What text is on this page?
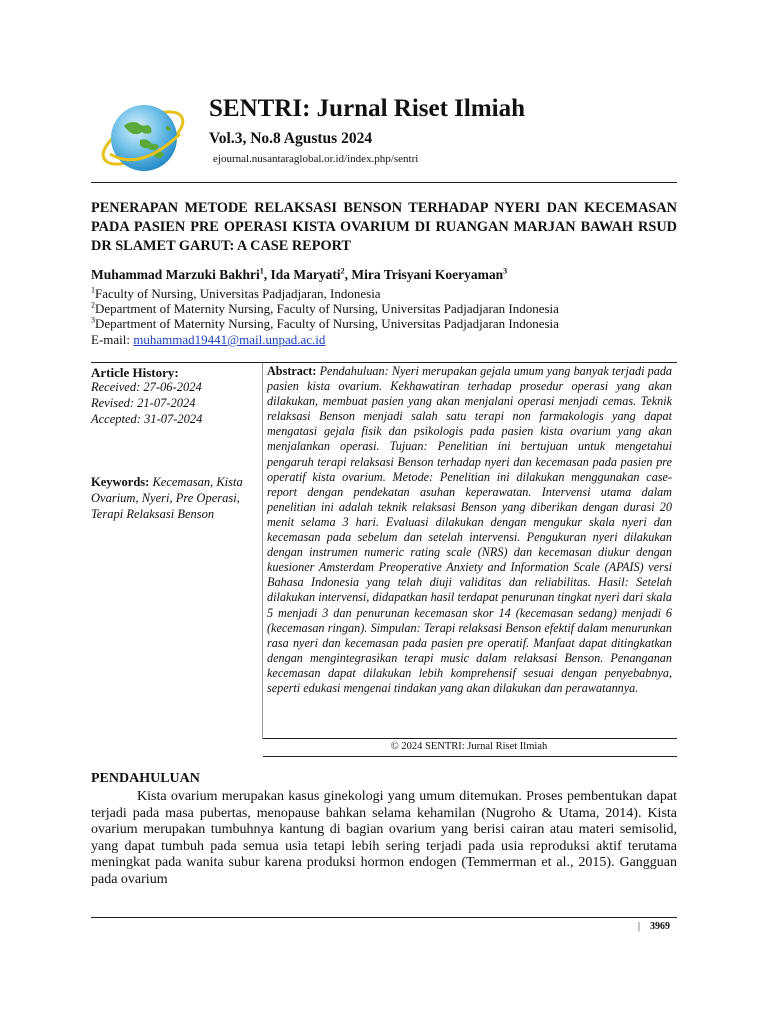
SENTRI: Jurnal Riset Ilmiah
Vol.3, No.8 Agustus 2024
ejournal.nusantaraglobal.or.id/index.php/sentri
PENERAPAN METODE RELAKSASI BENSON TERHADAP NYERI DAN KECEMASAN PADA PASIEN PRE OPERASI KISTA OVARIUM DI RUANGAN MARJAN BAWAH RSUD DR SLAMET GARUT: A CASE REPORT
Muhammad Marzuki Bakhri$^1$, Ida Maryati$^2$, Mira Trisyani Koeryaman$^3$
$^1$Faculty of Nursing, Universitas Padjadjaran, Indonesia
$^2$Department of Maternity Nursing, Faculty of Nursing, Universitas Padjadjaran Indonesia
$^3$Department of Maternity Nursing, Faculty of Nursing, Universitas Padjadjaran Indonesia
E-mail: muhammad19441@mail.unpad.ac.id
Article History:
Received: 27-06-2024
Revised: 21-07-2024
Accepted: 31-07-2024
Keywords: Kecemasan, Kista Ovarium, Nyeri, Pre Operasi, Terapi Relaksasi Benson
Abstract: Pendahuluan: Nyeri merupakan gejala umum yang banyak terjadi pada pasien kista ovarium. Kekhawatiran terhadap prosedur operasi yang akan dilakukan, membuat pasien yang akan menjalani operasi menjadi cemas. Teknik relaksasi Benson menjadi salah satu terapi non farmakologis yang dapat mengatasi gejala fisik dan psikologis pada pasien kista ovarium yang akan menjalankan operasi. Tujuan: Penelitian ini bertujuan untuk mengetahui pengaruh terapi relaksasi Benson terhadap nyeri dan kecemasan pada pasien pre operatif kista ovarium. Metode: Penelitian ini dilakukan menggunakan case-report dengan pendekatan asuhan keperawatan. Intervensi utama dalam penelitian ini adalah teknik relaksasi Benson yang diberikan dengan durasi 20 menit selama 3 hari. Evaluasi dilakukan dengan mengukur skala nyeri dan kecemasan pada sebelum dan setelah intervensi. Pengukuran nyeri dilakukan dengan instrumen numeric rating scale (NRS) dan kecemasan diukur dengan kuesioner Amsterdam Preoperative Anxiety and Information Scale (APAIS) versi Bahasa Indonesia yang telah diuji validitas dan reliabilitas. Hasil: Setelah dilakukan intervensi, didapatkan hasil terdapat penurunan tingkat nyeri dari skala 5 menjadi 3 dan penurunan kecemasan skor 14 (kecemasan sedang) menjadi 6 (kecemasan ringan). Simpulan: Terapi relaksasi Benson efektif dalam menurunkan rasa nyeri dan kecemasan pada pasien pre operatif. Manfaat dapat ditingkatkan dengan mengintegrasikan terapi music dalam relaksasi Benson. Penanganan kecemasan dapat dilakukan lebih komprehensif sesuai dengan penyebabnya, seperti edukasi mengenai tindakan yang akan dilakukan dan perawatannya.
© 2024 SENTRI: Jurnal Riset Ilmiah
PENDAHULUAN
Kista ovarium merupakan kasus ginekologi yang umum ditemukan. Proses pembentukan dapat terjadi pada masa pubertas, menopause bahkan selama kehamilan (Nugroho & Utama, 2014). Kista ovarium merupakan tumbuhnya kantung di bagian ovarium yang berisi cairan atau materi semisolid, yang dapat tumbuh pada semua usia tetapi lebih sering terjadi pada usia reproduksi aktif terutama meningkat pada wanita subur karena produksi hormon endogen (Temmerman et al., 2015). Gangguan pada ovarium
| 3969
